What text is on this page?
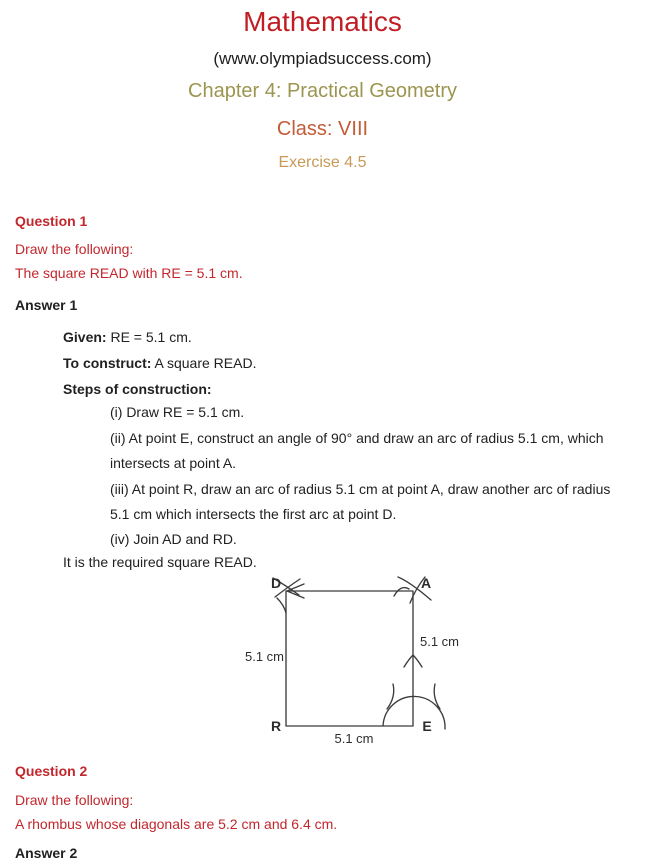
Mathematics
(www.olympiadsuccess.com)
Chapter 4: Practical Geometry
Class: VIII
Exercise 4.5
Question 1
Draw the following:
The square READ with RE = 5.1 cm.
Answer 1
Given: RE = 5.1 cm.
To construct: A square READ.
Steps of construction:
(i) Draw RE = 5.1 cm.
(ii) At point E, construct an angle of 90° and draw an arc of radius 5.1 cm, which
intersects at point A.
(iii) At point R, draw an arc of radius 5.1 cm at point A, draw another arc of radius
5.1 cm which intersects the first arc at point D.
(iv) Join AD and RD.
It is the required square READ.
D	A
R	E
5.1 cm
5.1 cm
5.1 cm
Question 2
Draw the following:
A rhombus whose diagonals are 5.2 cm and 6.4 cm.
Answer 2
